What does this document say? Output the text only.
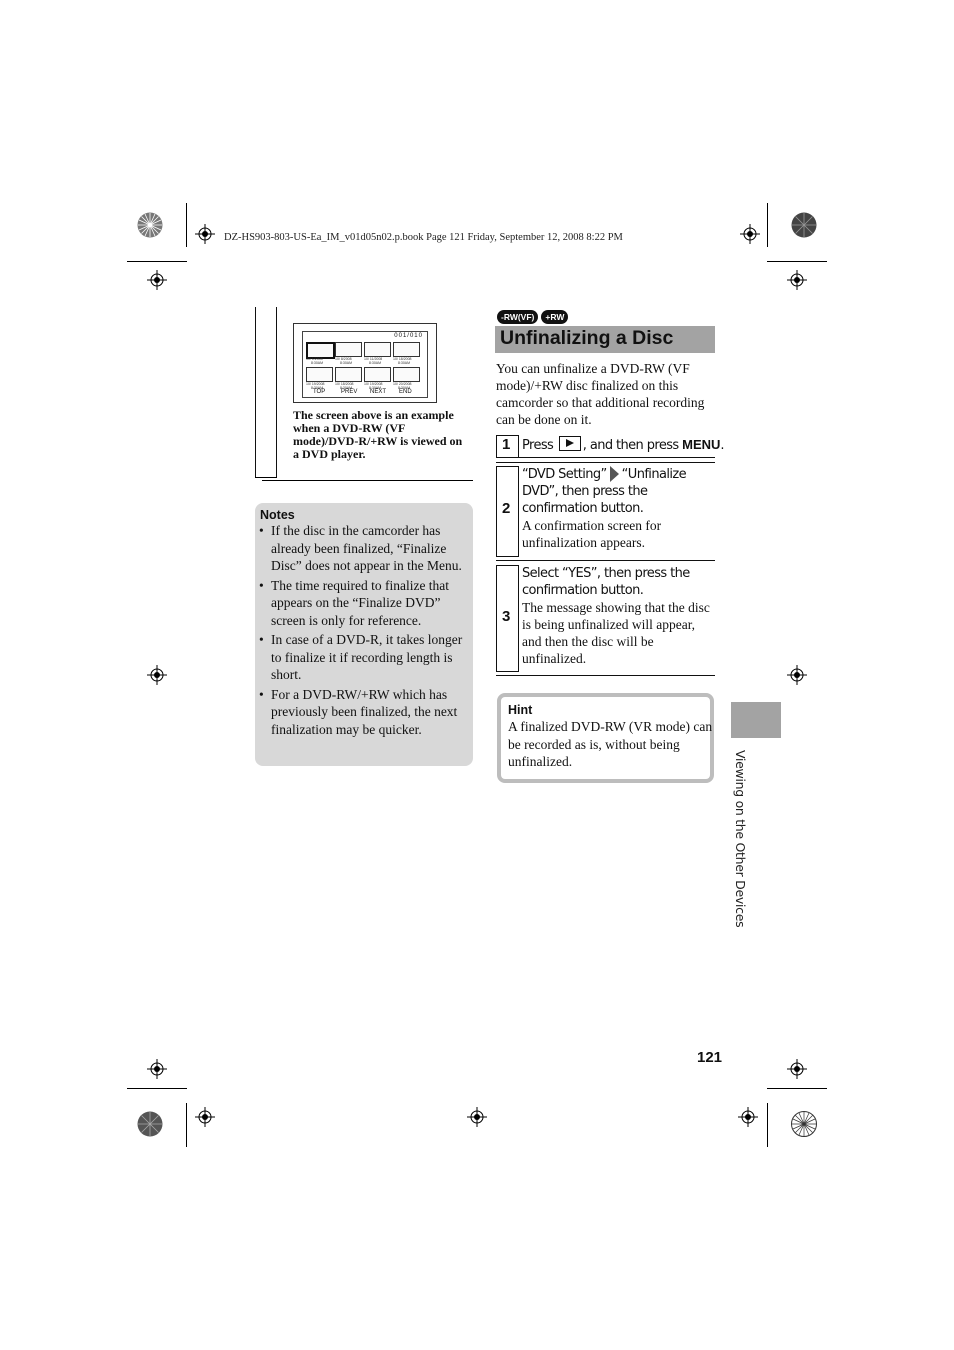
DZ-HS903-803-US-Ea_IM_v01d05n02.p.book Page 121 Friday, September 12, 2008 8:22 PM
001/010
10/ 1/2008	10/ 8/2008	10/ 11/2008	10/ 18/2008
8:30AM	8:30AM	8:30AM	8:30AM
10/ 19/2008	10/ 18/2008	10/ 19/2008	10/ 20/2008
8:30AM	8:30AM	8:30AM	8:30AM
TOP	PREV NEXT END
The screen above is an example when a DVD-RW (VF mode)/DVD-R/+RW is viewed on a DVD player.
Notes
• If the disc in the camcorder has already been finalized, “Finalize Disc” does not appear in the Menu.
• The time required to finalize that appears on the “Finalize DVD” screen is only for reference.
• In case of a DVD-R, it takes longer to finalize it if recording length is short.
• For a DVD-RW/+RW which has previously been finalized, the next finalization may be quicker.
-RW(VF)	+RW
Unfinalizing a Disc
You can unfinalize a DVD-RW (VF mode)/+RW disc finalized on this camcorder so that additional recording can be done on it.
1 Press , and then press MENU.
2
“DVD Setting” “Unfinalize DVD”, then press the confirmation button.
A confirmation screen for unfinalization appears.
3
Select “YES”, then press the confirmation button.
The message showing that the disc is being unfinalized will appear, and then the disc will be unfinalized.
Hint
A finalized DVD-RW (VR mode) can be recorded as is, without being unfinalized.	Viewing on the Other Devices
121
